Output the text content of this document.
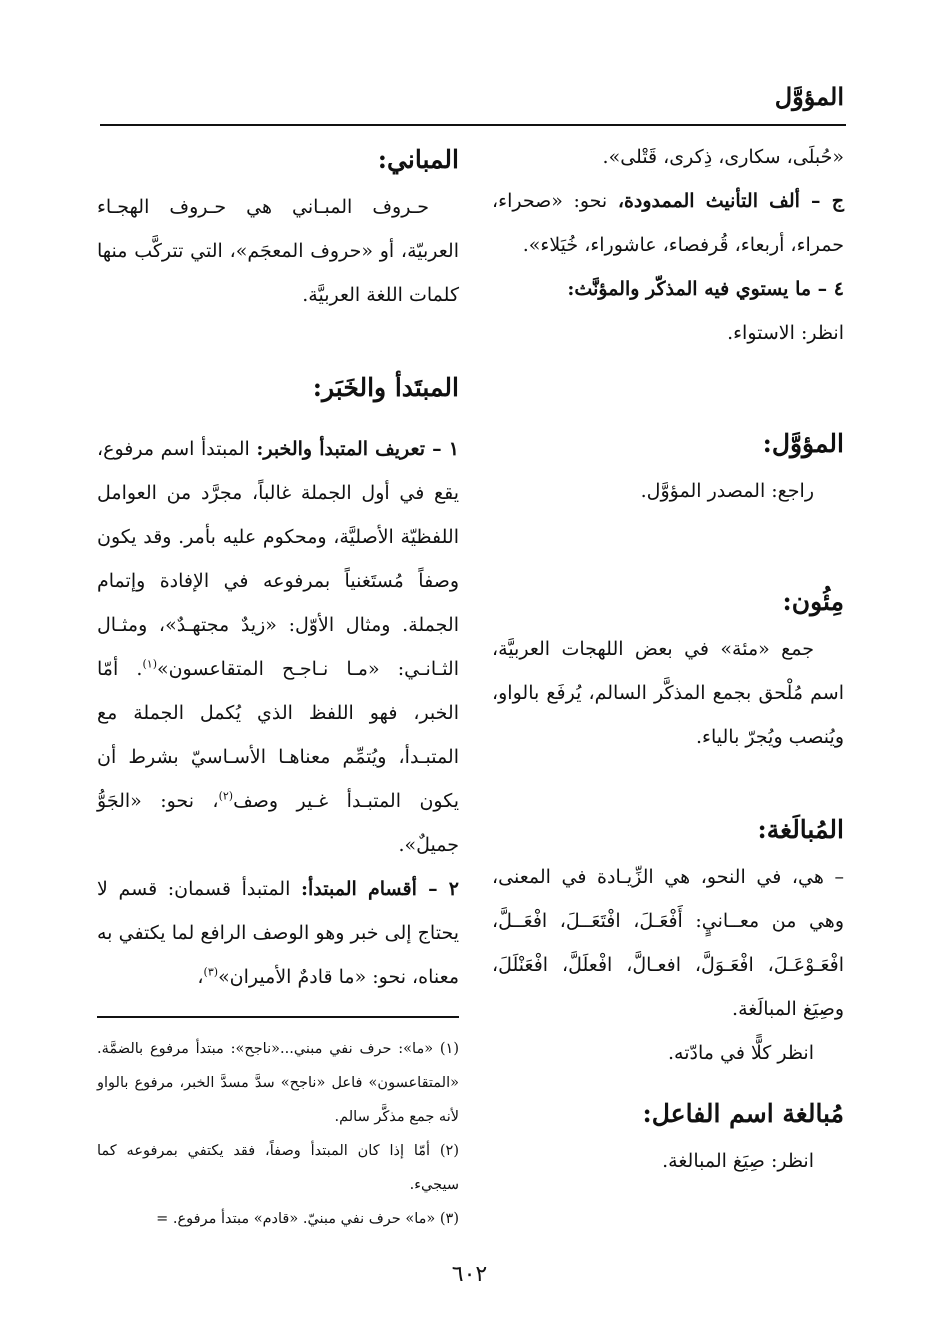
المؤوَّل

«حُبلَى، سكارى، ذِكرى، قَتْلى».

ج – ألف التأنيث الممدودة، نحو: «صحراء، حمراء، أربعاء، قُرفصاء، عاشوراء، خُيَلاء».

٤ – ما يستوي فيه المذكّر والمؤنَّث:

انظر: الاستواء.

المؤوَّل:

راجع: المصدر المؤوَّل.

مِئُون:

جمع «مئة» في بعض اللهجات العربيَّة، اسم مُلْحق بجمع المذكَّر السالم، يُرفَع بالواو، ويُنصب ويُجرّ بالياء.

المُبالَغة:

– هي، في النحو، هي الزِّيـادة في المعنى، وهي من معــانيٍ: أَفْعَـلَ، افْتَعَــلَ، افْعَــلَّ، افْعَـوْعَـلَ، افْعَـوَلَّ، افعـالَّ، افْعلَلَّ، افْعَنْلَلَ، وصِيَغ المبالَغة.

انظر كلًّا في مادّته.

مُبالغة اسم الفاعل:

انظر: صِيَغ المبالغة.

المباني:

حـروف المبـاني هي حـروف الهجـاء العربيّة، أو «حروف المعجَم»، التي تتركَّب منها كلمات اللغة العربيَّة.

المبتَدأ والخَبَر:

١ – تعريف المتبدأ والخبر: المبتدأ اسم مرفوع، يقع في أول الجملة غالباً، مجرَّد من العوامل اللفظيّة الأصليَّة، ومحكوم عليه بأمر. وقد يكون وصفاً مُستَغنياً بمرفوعه في الإفادة وإتمام الجملة. ومثال الأوّل: «زيدٌ مجتهـدٌ»، ومثـال الثـانـي: «مـا نـاجـح المتقاعسون»$^{(١)}$. أمّا الخبر، فهو اللفظ الذي يُكمل الجملة مع المتبـدأ، ويُتمِّم معناهـا الأسـاسيّ بشرط أن يكون المتبـدأ غـير وصف$^{(٢)}$، نحو: «الجَوُّ جميلٌ».

٢ – أقسام المبتدأ: المتبدأ قسمان: قسم لا يحتاج إلى خبر وهو الوصف الرافع لما يكتفي به معناه، نحو: «ما قادمٌ الأميران»$^{(٣)}$،

(١) «ما»: حرف نفي مبني...«ناجح»: مبتدأ مرفوع بالضمَّة. «المتقاعسون» فاعل «ناجح» سدَّ مسدَّ الخبر، مرفوع بالواو لأنه جمع مذكَّر سالم.

(٢) أمّا إذا كان المبتدأ وصفاً، فقد يكتفي بمرفوعه كما سيجيء.

(٣) «ما» حرف نفي مبنيّ. «قادم» مبتدأ مرفوع. =

٦٠٢
